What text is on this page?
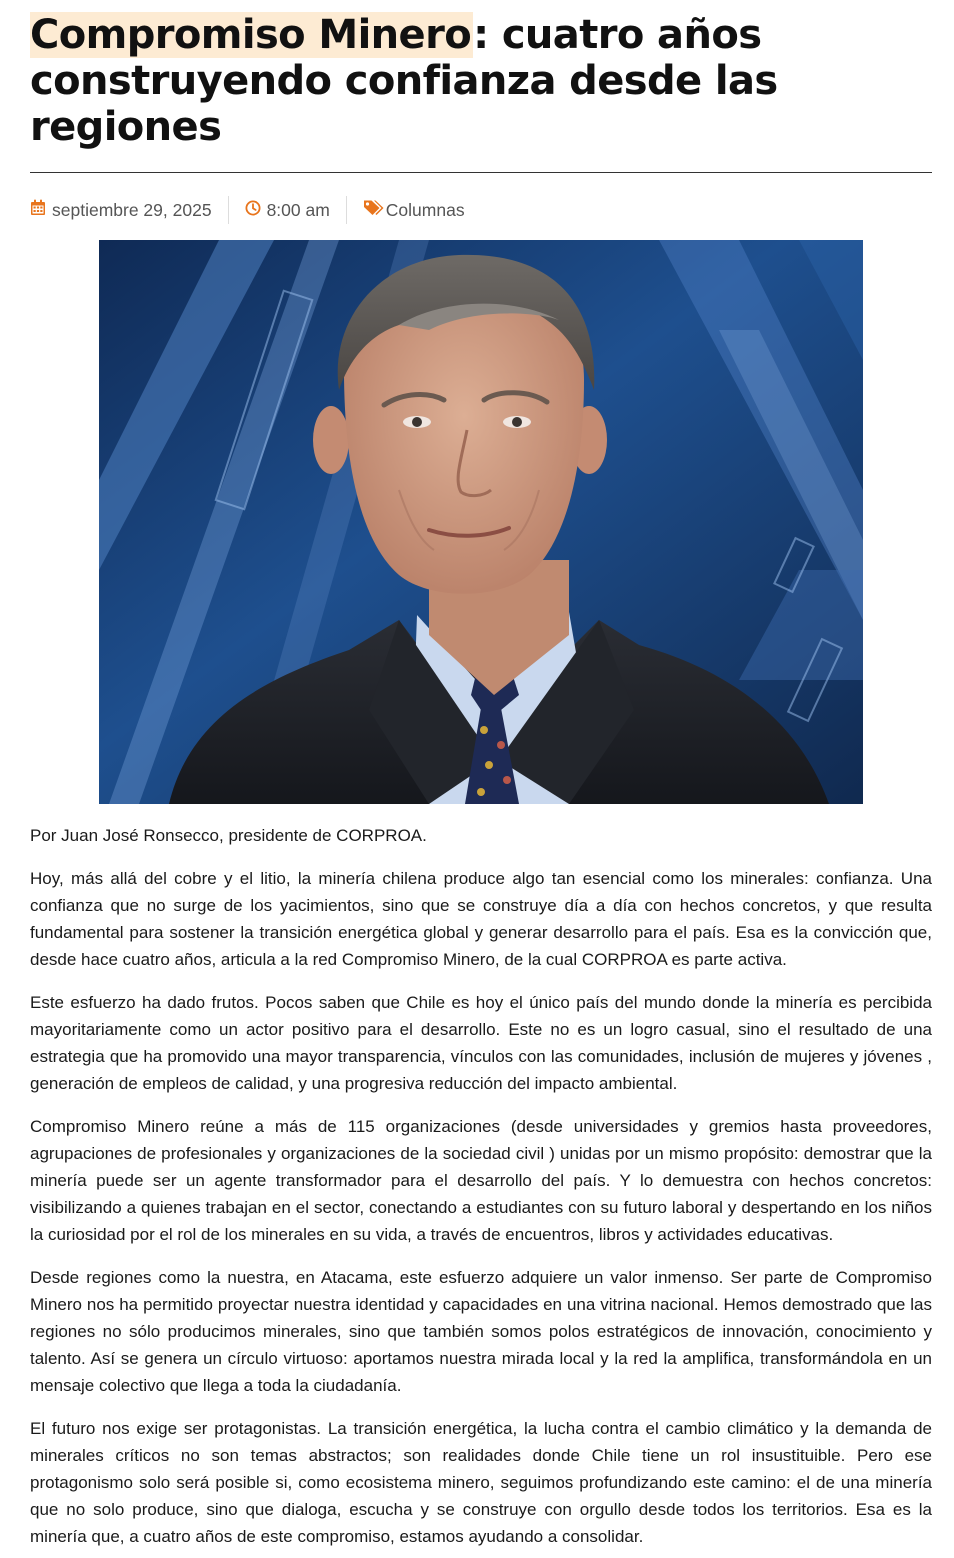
Compromiso Minero: cuatro años construyendo confianza desde las regiones
septiembre 29, 2025	8:00 am	Columnas

Por Juan José Ronsecco, presidente de CORPROA.

Hoy, más allá del cobre y el litio, la minería chilena produce algo tan esencial como los minerales: confianza. Una confianza que no surge de los yacimientos, sino que se construye día a día con hechos concretos, y que resulta fundamental para sostener la transición energética global y generar desarrollo para el país. Esa es la convicción que, desde hace cuatro años, articula a la red Compromiso Minero, de la cual CORPROA es parte activa.

Este esfuerzo ha dado frutos. Pocos saben que Chile es hoy el único país del mundo donde la minería es percibida mayoritariamente como un actor positivo para el desarrollo. Este no es un logro casual, sino el resultado de una estrategia que ha promovido una mayor transparencia, vínculos con las comunidades, inclusión de mujeres y jóvenes , generación de empleos de calidad, y una progresiva reducción del impacto ambiental.

Compromiso Minero reúne a más de 115 organizaciones (desde universidades y gremios hasta proveedores, agrupaciones de profesionales y organizaciones de la sociedad civil ) unidas por un mismo propósito: demostrar que la minería puede ser un agente transformador para el desarrollo del país. Y lo demuestra con hechos concretos: visibilizando a quienes trabajan en el sector, conectando a estudiantes con su futuro laboral y despertando en los niños la curiosidad por el rol de los minerales en su vida, a través de encuentros, libros y actividades educativas.

Desde regiones como la nuestra, en Atacama, este esfuerzo adquiere un valor inmenso. Ser parte de Compromiso Minero nos ha permitido proyectar nuestra identidad y capacidades en una vitrina nacional. Hemos demostrado que las regiones no sólo producimos minerales, sino que también somos polos estratégicos de innovación, conocimiento y talento. Así se genera un círculo virtuoso: aportamos nuestra mirada local y la red la amplifica, transformándola en un mensaje colectivo que llega a toda la ciudadanía.

El futuro nos exige ser protagonistas. La transición energética, la lucha contra el cambio climático y la demanda de minerales críticos no son temas abstractos; son realidades donde Chile tiene un rol insustituible. Pero ese protagonismo solo será posible si, como ecosistema minero, seguimos profundizando este camino: el de una minería que no solo produce, sino que dialoga, escucha y se construye con orgullo desde todos los territorios. Esa es la minería que, a cuatro años de este compromiso, estamos ayudando a consolidar.
